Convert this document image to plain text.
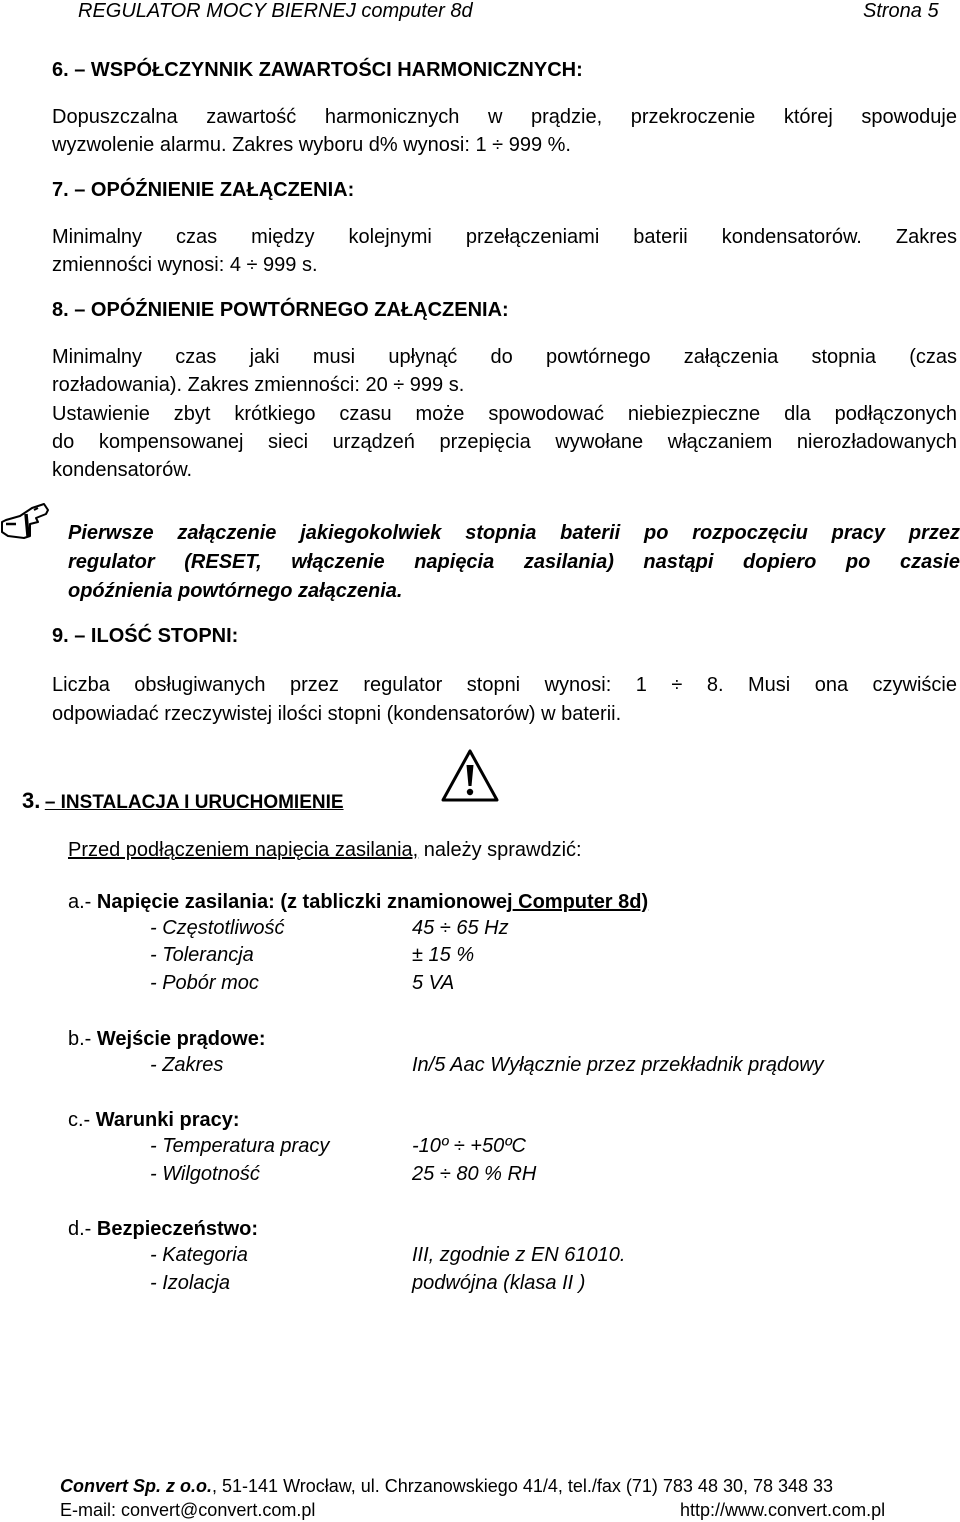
REGULATOR MOCY BIERNEJ computer 8d	Strona 5
6. – WSPÓŁCZYNNIK ZAWARTOŚCI HARMONICZNYCH:
Dopuszczalna zawartość harmonicznych w prądzie, przekroczenie której spowoduje
wyzwolenie alarmu. Zakres wyboru d% wynosi: 1 ÷ 999 %.
7. – OPÓŹNIENIE ZAŁĄCZENIA:
Minimalny czas między kolejnymi przełączeniami baterii kondensatorów. Zakres
zmienności wynosi: 4 ÷ 999 s.
8. – OPÓŹNIENIE POWTÓRNEGO ZAŁĄCZENIA:
Minimalny czas jaki musi upłynąć do powtórnego załączenia stopnia (czas
rozładowania). Zakres zmienności: 20 ÷ 999 s.
Ustawienie zbyt krótkiego czasu może spowodować niebiezpieczne dla podłączonych
do kompensowanej sieci urządzeń przepięcia wywołane włączaniem nierozładowanych
kondensatorów.
Pierwsze załączenie jakiegokolwiek stopnia baterii po rozpoczęciu pracy przez
regulator (RESET, włączenie napięcia zasilania) nastąpi dopiero po czasie
opóźnienia powtórnego załączenia.
9. – ILOŚĆ STOPNI:
Liczba obsługiwanych przez regulator stopni wynosi: 1 ÷ 8. Musi ona czywiście
odpowiadać rzeczywistej ilości stopni (kondensatorów) w baterii.
3. – INSTALACJA I URUCHOMIENIE
Przed podłączeniem napięcia zasilania, należy sprawdzić:
a.- Napięcie zasilania: (z tabliczki znamionowej Computer 8d)
- Częstotliwość	45 ÷ 65 Hz
- Tolerancja	± 15 %
- Pobór moc	5 VA
b.- Wejście prądowe:
- Zakres	In/5 Aac Wyłącznie przez przekładnik prądowy
c.- Warunki pracy:
- Temperatura pracy	-10º ÷ +50ºC
- Wilgotność	25 ÷ 80 % RH
d.- Bezpieczeństwo:
- Kategoria	III, zgodnie z EN 61010.
- Izolacja	podwójna (klasa II )
Convert Sp. z o.o., 51-141 Wrocław, ul. Chrzanowskiego 41/4, tel./fax (71) 783 48 30, 78 348 33
E-mail: convert@convert.com.pl	http://www.convert.com.pl
